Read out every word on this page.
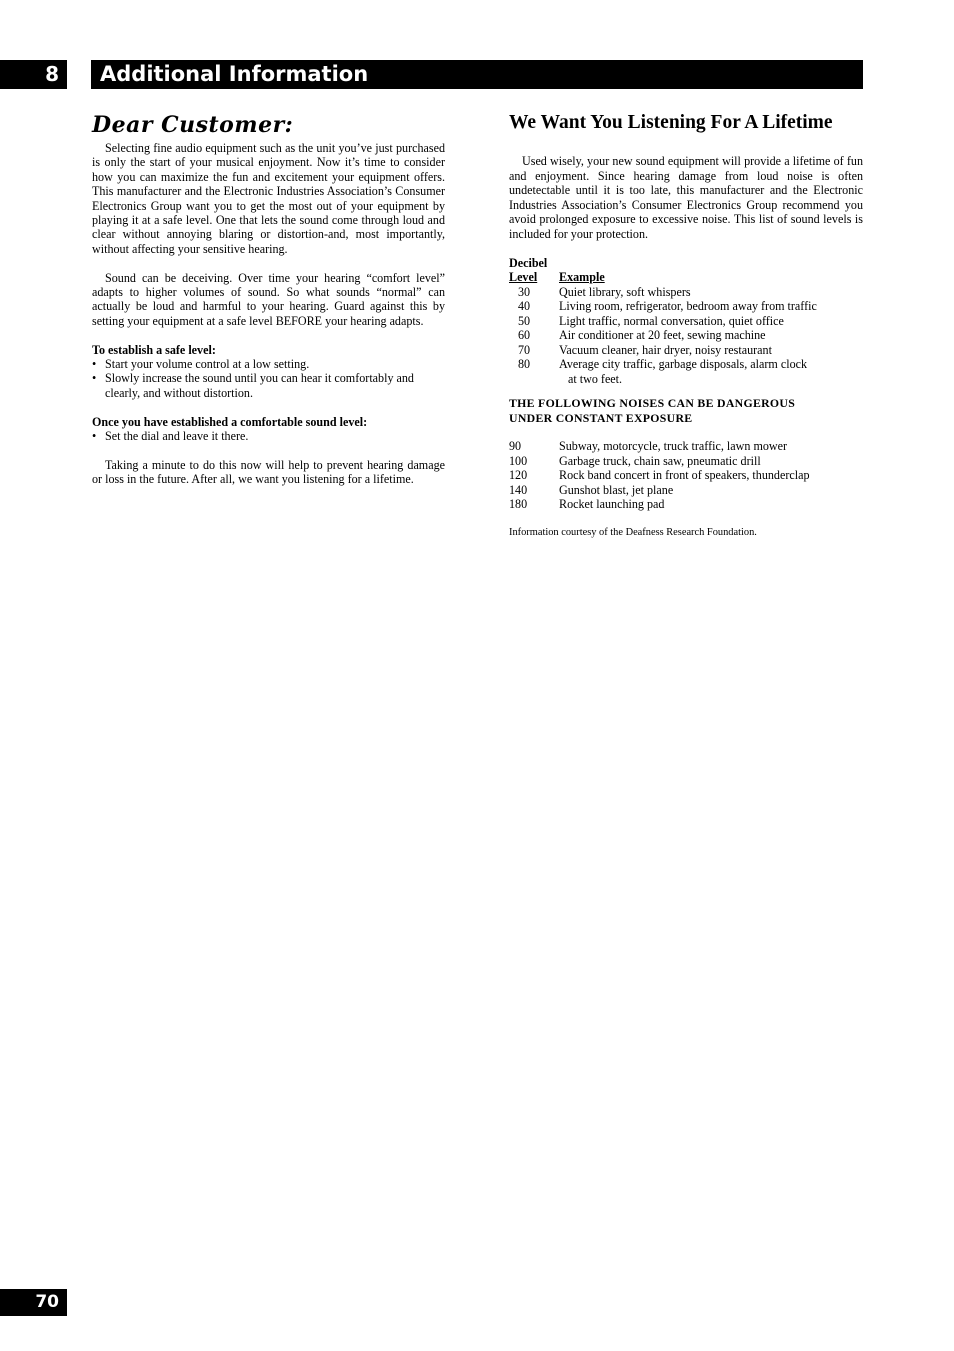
8	Additional Information
Dear Customer:

Selecting fine audio equipment such as the unit you’ve just purchased is only the start of your musical enjoyment. Now it’s time to consider how you can maximize the fun and excitement your equipment offers. This manufacturer and the Electronic Industries Association’s Consumer Electronics Group want you to get the most out of your equipment by playing it at a safe level. One that lets the sound come through loud and clear without annoying blaring or distortion-and, most importantly, without affecting your sensitive hearing.

Sound can be deceiving. Over time your hearing “comfort level” adapts to higher volumes of sound. So what sounds “normal” can actually be loud and harmful to your hearing. Guard against this by setting your equipment at a safe level BEFORE your hearing adapts.

To establish a safe level:
• Start your volume control at a low setting.
• Slowly increase the sound until you can hear it comfortably and clearly, and without distortion.
Once you have established a comfortable sound level:
• Set the dial and leave it there.

Taking a minute to do this now will help to prevent hearing damage or loss in the future. After all, we want you listening for a lifetime.

We Want You Listening For A Lifetime

Used wisely, your new sound equipment will provide a lifetime of fun and enjoyment. Since hearing damage from loud noise is often undetectable until it is too late, this manufacturer and the Electronic Industries Association’s Consumer Electronics Group recommend you avoid prolonged exposure to excessive noise. This list of sound levels is included for your protection.

Decibel
Level	Example
30	Quiet library, soft whispers
40	Living room, refrigerator, bedroom away from traffic
50	Light traffic, normal conversation, quiet office
60	Air conditioner at 20 feet, sewing machine
70	Vacuum cleaner, hair dryer, noisy restaurant
80	Average city traffic, garbage disposals, alarm clock
at two feet.
THE FOLLOWING NOISES CAN BE DANGEROUS
UNDER CONSTANT EXPOSURE
90	Subway, motorcycle, truck traffic, lawn mower
100	Garbage truck, chain saw, pneumatic drill
120	Rock band concert in front of speakers, thunderclap
140	Gunshot blast, jet plane
180	Rocket launching pad
Information courtesy of the Deafness Research Foundation.
70
